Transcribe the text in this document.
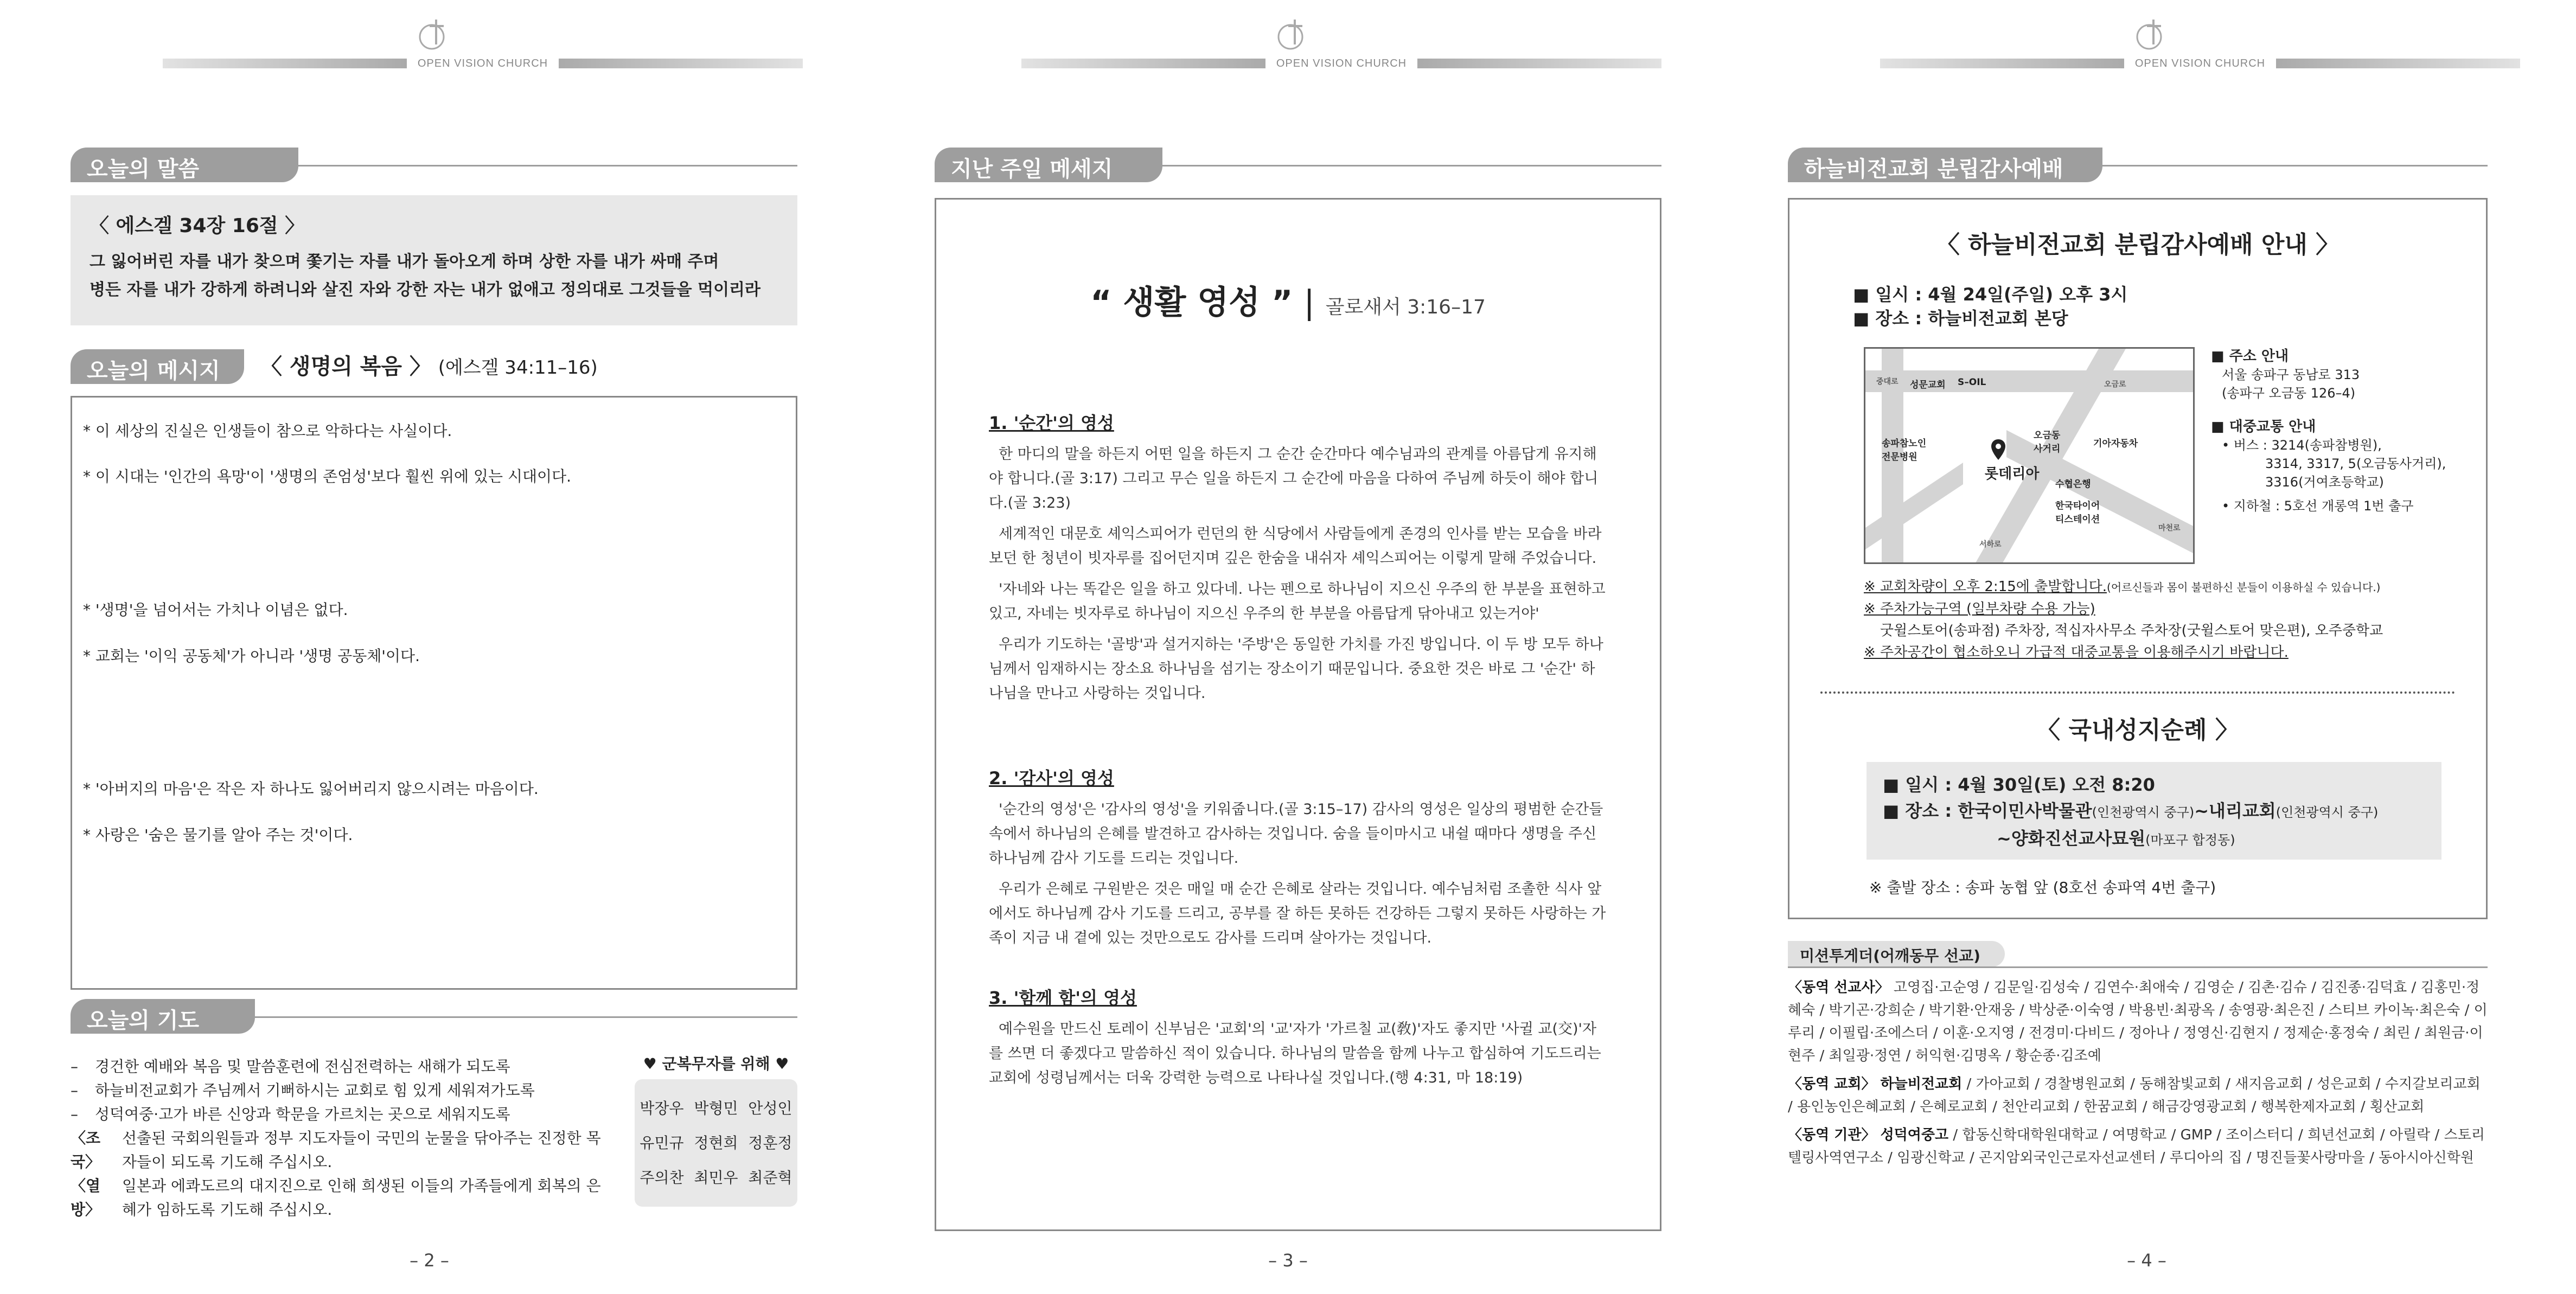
OPEN VISION CHURCH
오늘의 말씀
〈 에스겔 34장 16절 〉
그 잃어버린 자를 내가 찾으며 쫓기는 자를 내가 돌아오게 하며 상한 자를 내가 싸매 주며
병든 자를 내가 강하게 하려니와 살진 자와 강한 자는 내가 없애고 정의대로 그것들을 먹이리라
오늘의 메시지	〈 생명의 복음 〉 (에스겔 34:11–16)
* 이 세상의 진실은 인생들이 참으로 악하다는 사실이다.
* 이 시대는 '인간의 욕망'이 '생명의 존엄성'보다 훨씬 위에 있는 시대이다.
* '생명'을 넘어서는 가치나 이념은 없다.
* 교회는 '이익 공동체'가 아니라 '생명 공동체'이다.
* '아버지의 마음'은 작은 자 하나도 잃어버리지 않으시려는 마음이다.
* 사랑은 '숨은 물기를 알아 주는 것'이다.
오늘의 기도
–	경건한 예배와 복음 및 말씀훈련에 전심전력하는 새해가 되도록
–	하늘비전교회가 주님께서 기뻐하시는 교회로 힘 있게 세워져가도록
–	성덕여중·고가 바른 신앙과 학문을 가르치는 곳으로 세워지도록
〈조국〉
선출된 국회의원들과 정부 지도자들이 국민의 눈물을 닦아주는 진정한 목자들이 되도록 기도해 주십시오.
〈열방〉
일본과 에콰도르의 대지진으로 인해 희생된 이들의 가족들에게 회복의 은혜가 임하도록 기도해 주십시오.
♥ 군복무자를 위해 ♥
박장우 박형민 안성인
유민규 정현희 정훈정
주의찬 최민우 최준혁
– 2 –
OPEN VISION CHURCH
지난 주일 메세지
“ 생활 영성 ” | 골로새서 3:16–17
1. '순간'의 영성

한 마디의 말을 하든지 어떤 일을 하든지 그 순간 순간마다 예수님과의 관계를 아름답게 유지해야 합니다.(골 3:17) 그리고 무슨 일을 하든지 그 순간에 마음을 다하여 주님께 하듯이 해야 합니다.(골 3:23)

세계적인 대문호 셰익스피어가 런던의 한 식당에서 사람들에게 존경의 인사를 받는 모습을 바라보던 한 청년이 빗자루를 집어던지며 깊은 한숨을 내쉬자 셰익스피어는 이렇게 말해 주었습니다.

'자네와 나는 똑같은 일을 하고 있다네. 나는 펜으로 하나님이 지으신 우주의 한 부분을 표현하고 있고, 자네는 빗자루로 하나님이 지으신 우주의 한 부분을 아름답게 닦아내고 있는거야'

우리가 기도하는 '골방'과 설거지하는 '주방'은 동일한 가치를 가진 방입니다. 이 두 방 모두 하나님께서 임재하시는 장소요 하나님을 섬기는 장소이기 때문입니다. 중요한 것은 바로 그 '순간' 하나님을 만나고 사랑하는 것입니다.

2. '감사'의 영성

'순간의 영성'은 '감사의 영성'을 키워줍니다.(골 3:15–17) 감사의 영성은 일상의 평범한 순간들 속에서 하나님의 은혜를 발견하고 감사하는 것입니다. 숨을 들이마시고 내쉴 때마다 생명을 주신 하나님께 감사 기도를 드리는 것입니다.

우리가 은혜로 구원받은 것은 매일 매 순간 은혜로 살라는 것입니다. 예수님처럼 조촐한 식사 앞에서도 하나님께 감사 기도를 드리고, 공부를 잘 하든 못하든 건강하든 그렇지 못하든 사랑하는 가족이 지금 내 곁에 있는 것만으로도 감사를 드리며 살아가는 것입니다.

3. '함께 함'의 영성

예수원을 만드신 토레이 신부님은 '교회'의 '교'자가 '가르칠 교(敎)'자도 좋지만 '사귈 교(交)'자를 쓰면 더 좋겠다고 말씀하신 적이 있습니다. 하나님의 말씀을 함께 나누고 합심하여 기도드리는 교회에 성령님께서는 더욱 강력한 능력으로 나타나실 것입니다.(행 4:31, 마 18:19)

– 3 –
OPEN VISION CHURCH
하늘비전교회 분립감사예배
〈 하늘비전교회 분립감사예배 안내 〉
■ 일시 : 4월 24일(주일) 오후 3시
■ 장소 : 하늘비전교회 본당
성문교회 S–OIL
송파참노인
전문병원
오금동
사거리	기아자동차
롯데리아
수협은행
한국타이어
티스테이션
중대로	오금로
마천로
서하로
■ 주소 안내
서울 송파구 동남로 313
(송파구 오금동 126–4)
■ 대중교통 안내
• 버스 : 3214(송파참병원),
3314, 3317, 5(오금동사거리),
3316(거여초등학교)
• 지하철 : 5호선 개롱역 1번 출구
※ 교회차량이 오후 2:15에 출발합니다.(어르신들과 몸이 불편하신 분들이 이용하실 수 있습니다.)
※ 주차가능구역 (일부차량 수용 가능)
굿윌스토어(송파점) 주차장, 적십자사무소 주차장(굿윌스토어 맞은편), 오주중학교
※ 주차공간이 협소하오니 가급적 대중교통을 이용해주시기 바랍니다.
〈 국내성지순례 〉
■ 일시 : 4월 30일(토) 오전 8:20
■ 장소 : 한국이민사박물관(인천광역시 중구)~내리교회(인천광역시 중구)
~양화진선교사묘원(마포구 합정동)
※ 출발 장소 : 송파 농협 앞 (8호선 송파역 4번 출구)
미션투게더(어깨동무 선교)

〈동역 선교사〉 고영집·고순영 / 김문일·김성숙 / 김연수·최애숙 / 김영순 / 김촌·김슈 / 김진종·김덕효 / 김홍민·정혜숙 / 박기곤·강희순 / 박기환·안재웅 / 박상준·이숙영 / 박용빈·최광옥 / 송영광·최은진 / 스티브 카이녹·최은숙 / 이루리 / 이필립·조에스더 / 이훈·오지영 / 전경미·다비드 / 정아나 / 정영신·김현지 / 정제순·홍정숙 / 최린 / 최원금·이현주 / 최일광·정연 / 허익현·김명옥 / 황순종·김조예

〈동역 교회〉 하늘비전교회 / 가아교회 / 경찰병원교회 / 동해참빛교회 / 새지음교회 / 성은교회 / 수지갈보리교회 / 용인농인은혜교회 / 은혜로교회 / 천안리교회 / 한꿈교회 / 해금강영광교회 / 행복한제자교회 / 횡산교회

〈동역 기관〉 성덕여중고 / 합동신학대학원대학교 / 여명학교 / GMP / 조이스터디 / 희년선교회 / 아릴락 / 스토리텔링사역연구소 / 임광신학교 / 곤지암외국인근로자선교센터 / 루디아의 집 / 명진들꽃사랑마을 / 동아시아신학원

– 4 –
